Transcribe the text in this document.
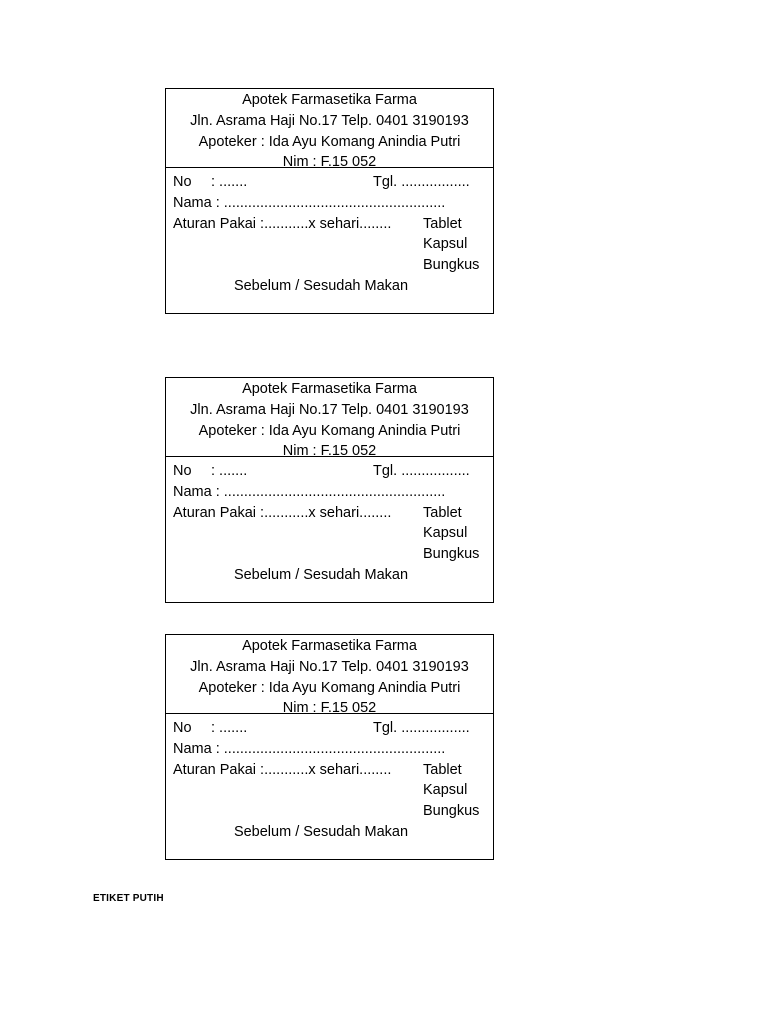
Apotek Farmasetika Farma
Jln. Asrama Haji No.17 Telp. 0401 3190193
Apoteker : Ida Ayu Komang Anindia Putri
Nim : F.15 052
No : .......	Tgl. .................
Nama : .......................................................
Aturan Pakai :...........x sehari........ Tablet
Kapsul
Bungkus
Sebelum / Sesudah Makan
Apotek Farmasetika Farma
Jln. Asrama Haji No.17 Telp. 0401 3190193
Apoteker : Ida Ayu Komang Anindia Putri
Nim : F.15 052
No : .......	Tgl. .................
Nama : .......................................................
Aturan Pakai :...........x sehari........ Tablet
Kapsul
Bungkus
Sebelum / Sesudah Makan
Apotek Farmasetika Farma
Jln. Asrama Haji No.17 Telp. 0401 3190193
Apoteker : Ida Ayu Komang Anindia Putri
Nim : F.15 052
No : .......	Tgl. .................
Nama : .......................................................
Aturan Pakai :...........x sehari........ Tablet
Kapsul
Bungkus
Sebelum / Sesudah Makan
ETIKET PUTIH
